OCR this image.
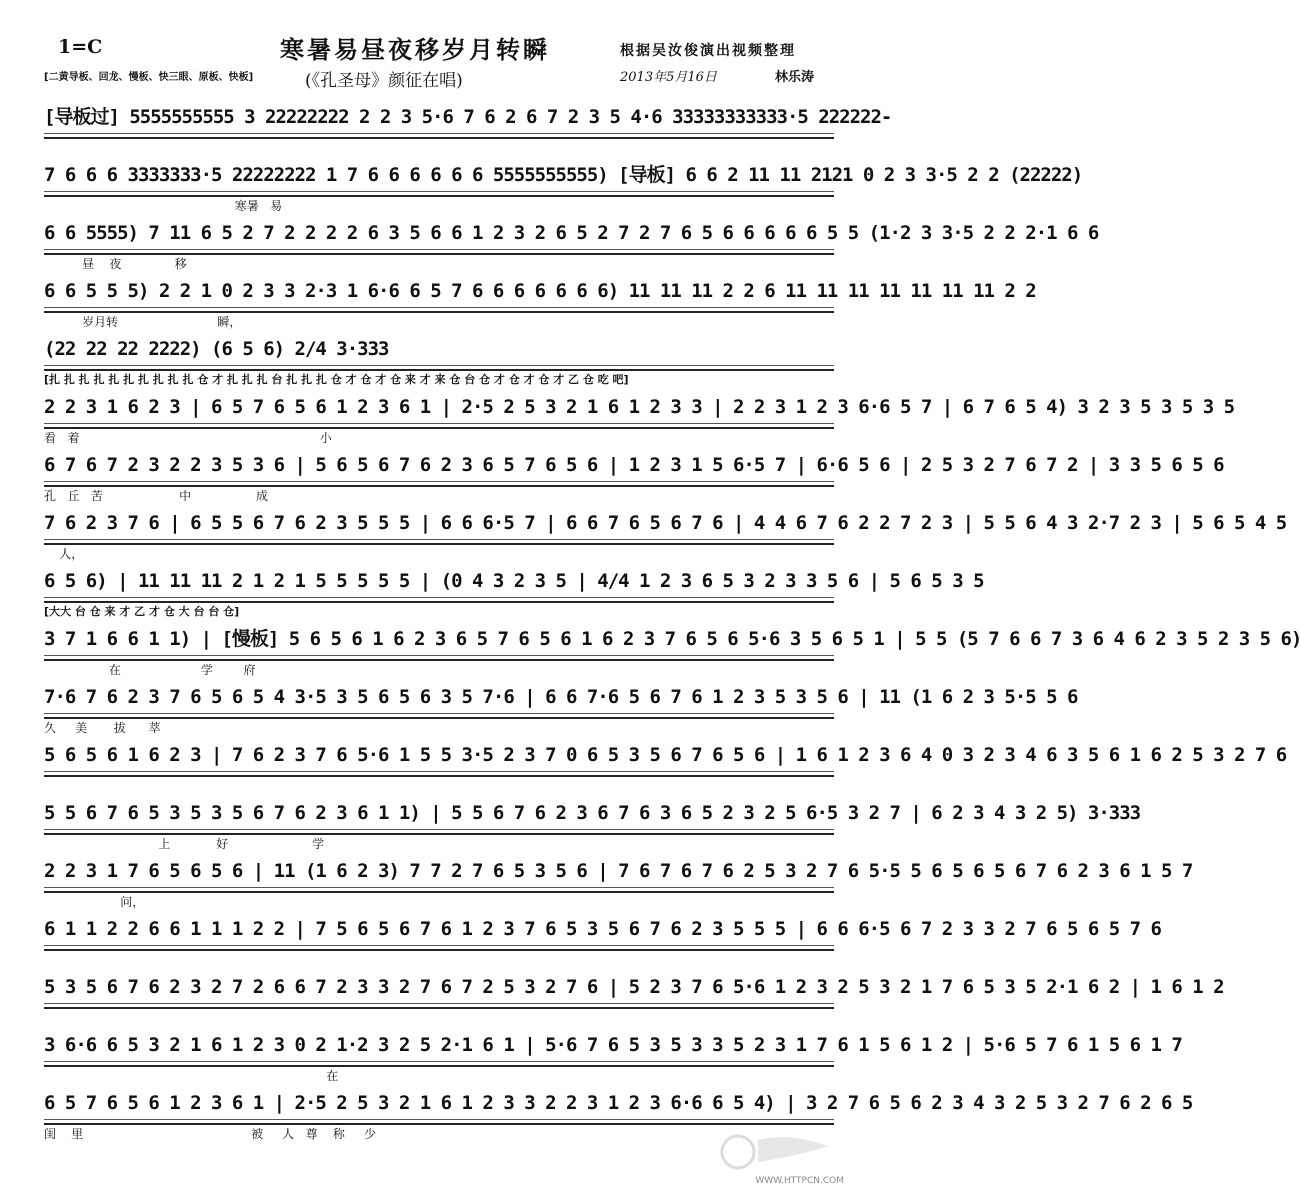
1=C	寒暑易昼夜移岁月转瞬
(《孔圣母》颜征在唱)
根据吴汝俊演出视频整理
2013年5月16日	林乐涛
[二黄导板、回龙、慢板、快三眼、原板、快板]
[导板过] 5555555555 3 22222222 2 2 3 5·6 7 6 2 6 7 2 3 5 4·6 33333333333·5 222222-
7 6 6 6 3333333·5 22222222 1 7 6 6 6 6 6 6 5555555555) [导板] 6 6 2 11 11 2121 0 2 3 3·5 2 2 (22222)
寒暑   易
6 6 5555) 7 11 6 5 2 7 2 2 2 2 6 3 5 6 6 1 2 3 2 6 5 2 7 2 7 6 5 6 6 6 6 6 5 5 (1·2 3 3·5 2 2 2·1 6 6
昼    夜              移
6 6 5 5 5) 2 2 1 0 2 3 3 2·3 1 6·6 6 5 7 6 6 6 6 6 6 6) 11 11 11 2 2 6 11 11 11 11 11 11 11 2 2
岁月转                          瞬，
(22 22 22 2222) (6 5 6) 2/4 3·333
[扎 扎 扎 扎 扎 扎 扎 扎 扎 扎 仓 才 扎 扎 扎 台 扎 扎 扎 仓 才 仓 才 仓 来 才 来 仓 台 仓 才 仓 才 仓 才 乙 仓 吃 吧]
2 2 3 1 6 2 3 | 6 5 7 6 5 6 1 2 3 6 1 | 2·5 2 5 3 2 1 6 1 2 3 3 | 2 2 3 1 2 3 6·6 5 7 | 6 7 6 5 4) 3 2 3 5 3 5 3 5
看   着                                                               小
6 7 6 7 2 3 2 2 3 5 3 6 | 5 6 5 6 7 6 2 3 6 5 7 6 5 6 | 1 2 3 1 5 6·5 7 | 6·6 5 6 | 2 5 3 2 7 6 7 2 | 3 3 5 6 5 6
孔   丘   苦                    中                 成
7 6 2 3 7 6 | 6 5 5 6 7 6 2 3 5 5 5 | 6 6 6·5 7 | 6 6 7 6 5 6 7 6 | 4 4 6 7 6 2 2 7 2 3 | 5 5 6 4 3 2·7 2 3 | 5 6 5 4 5
人，
6 5 6) | 11 11 11 2 1 2 1 5 5 5 5 5 | (0 4 3 2 3 5 | 4/4 1 2 3 6 5 3 2 3 3 5 6 | 5 6 5 3 5
[大大 台 仓 来 才 乙 才 仓 大 台 台 仓]
3 7 1 6 6 1 1) | [慢板] 5 6 5 6 1 6 2 3 6 5 7 6 5 6 1 6 2 3 7 6 5 6 5·6 3 5 6 5 1 | 5 5 (5 7 6 6 7 3 6 4 6 2 3 5 2 3 5 6)
在                     学        府
7·6 7 6 2 3 7 6 5 6 5 4 3·5 3 5 6 5 6 3 5 7·6 | 6 6 7·6 5 6 7 6 1 2 3 5 3 5 6 | 11 (1 6 2 3 5·5 5 6
久     美       拔      萃
5 6 5 6 1 6 2 3 | 7 6 2 3 7 6 5·6 1 5 5 3·5 2 3 7 0 6 5 3 5 6 7 6 5 6 | 1 6 1 2 3 6 4 0 3 2 3 4 6 3 5 6 1 6 2 5 3 2 7 6
5 5 6 7 6 5 3 5 3 5 6 7 6 2 3 6 1 1) | 5 5 6 7 6 2 3 6 7 6 3 6 5 2 3 2 5 6·5 3 2 7 | 6 2 3 4 3 2 5) 3·333
上            好                      学
2 2 3 1 7 6 5 6 5 6 | 11 (1 6 2 3) 7 7 2 7 6 5 3 5 6 | 7 6 7 6 7 6 2 5 3 2 7 6 5·5 5 6 5 6 5 6 7 6 2 3 6 1 5 7
问，
6 1 1 2 2 6 6 1 1 1 2 2 | 7 5 6 5 6 7 6 1 2 3 7 6 5 3 5 6 7 6 2 3 5 5 5 | 6 6 6·5 6 7 2 3 3 2 7 6 5 6 5 7 6
5 3 5 6 7 6 2 3 2 7 2 6 6 7 2 3 3 2 7 6 7 2 5 3 2 7 6 | 5 2 3 7 6 5·6 1 2 3 2 5 3 2 1 7 6 5 3 5 2·1 6 2 | 1 6 1 2
3 6·6 6 5 3 2 1 6 1 2 3 0 2 1·2 3 2 5 2·1 6 1 | 5·6 7 6 5 3 5 3 3 5 2 3 1 7 6 1 5 6 1 2 | 5·6 5 7 6 1 5 6 1 7
在
6 5 7 6 5 6 1 2 3 6 1 | 2·5 2 5 3 2 1 6 1 2 3 3 2 2 3 1 2 3 6·6 6 5 4) | 3 2 7 6 5 6 2 3 4 3 2 5 3 2 7 6 2 6 5
闺    里                                            被     人   尊    称     少
WWW.HTTPCN.COM
